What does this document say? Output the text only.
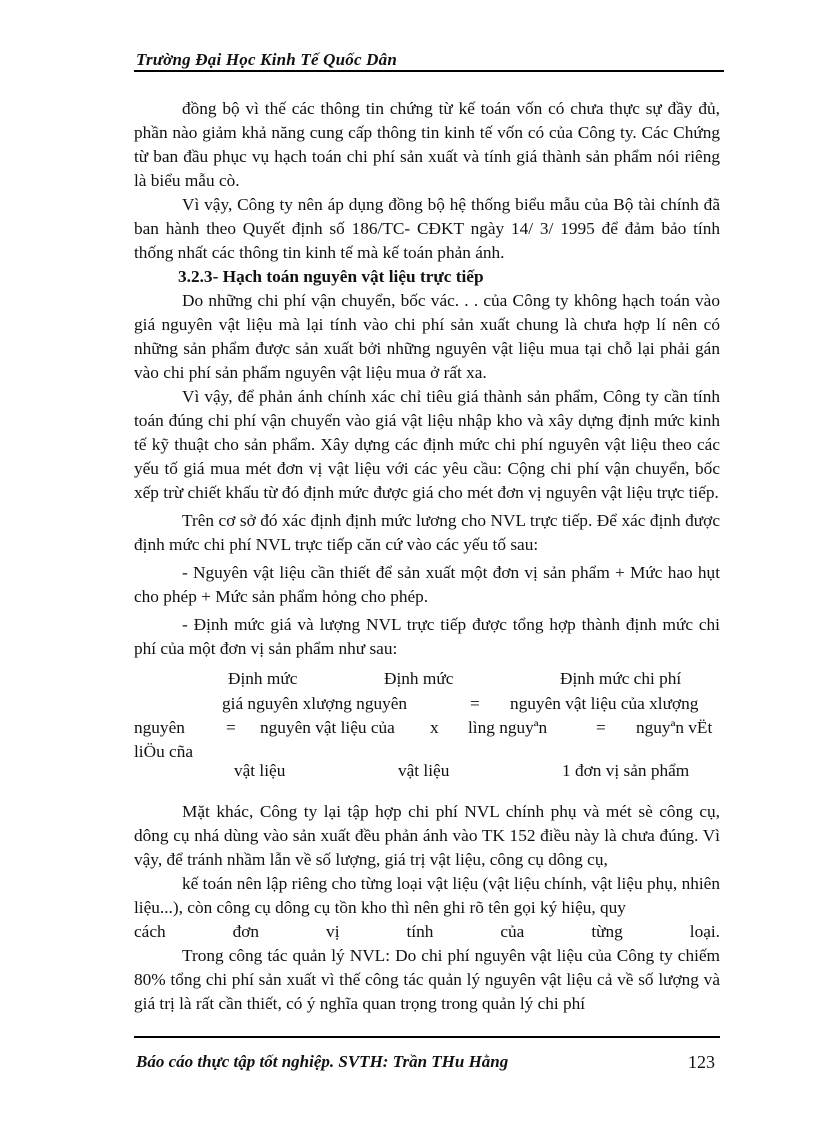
Trường Đại Học Kinh Tế Quốc Dân

đồng bộ vì thế các thông tin chứng từ kế toán vốn có chưa thực sự đầy đủ, phần nào giảm khả năng cung cấp thông tin kinh tế vốn có của Công ty. Các Chứng từ ban đầu phục vụ hạch toán chi phí sản xuất và tính giá thành sản phẩm nói riêng là biểu mẫu cò.

Vì vậy, Công ty nên áp dụng đồng bộ hệ thống biểu mẫu của Bộ tài chính đã ban hành theo Quyết định số 186/TC- CĐKT ngày 14/ 3/ 1995 để đảm bảo tính thống nhất các thông tin kinh tế mà kế toán phản ánh.

3.2.3- Hạch toán nguyên vật liệu trực tiếp

Do những chi phí vận chuyển, bốc vác. . . của Công ty không hạch toán vào giá nguyên vật liệu mà lại tính vào chi phí sản xuất chung là chưa hợp lí nên có những sản phẩm được sản xuất bởi những nguyên vật liệu mua tại chỗ lại phải gán vào chi phí sản phẩm nguyên vật liệu mua ở rất xa.

Vì vậy, để phản ánh chính xác chỉ tiêu giá thành sản phẩm, Công ty cần tính toán đúng chi phí vận chuyển vào giá vật liệu nhập kho và xây dựng định mức kinh tế kỹ thuật cho sản phẩm. Xây dựng các định mức chi phí nguyên vật liệu theo các yếu tố giá mua mét đơn vị vật liệu với các yêu cầu: Cộng chi phí vận chuyển, bốc xếp trừ chiết khấu từ đó định mức được giá cho mét đơn vị nguyên vật liệu trực tiếp.

Trên cơ sở đó xác định định mức lương cho NVL trực tiếp. Để xác định được định mức chi phí NVL trực tiếp căn cứ vào các yếu tố sau:

- Nguyên vật liệu cần thiết để sản xuất một đơn vị sản phẩm + Mức hao hụt cho phép + Mức sản phẩm hỏng cho phép.

- Định mức giá và lượng NVL trực tiếp được tổng hợp thành định mức chi phí của một đơn vị sản phẩm như sau:

Định mức	Định mức	Định mức chi phí
giá nguyên xlượng nguyên	= nguyên vật liệu của xlượng
nguyên = nguyên vật liệu của x lìng nguyªn	= nguyªn vËt
liÖu cña
vật liệu	vật liệu	1 đơn vị sản phẩm

Mặt khác, Công ty lại tập hợp chi phí NVL chính phụ và mét sè công cụ, dông cụ nhá dùng vào sản xuất đều phản ánh vào TK 152 điều này là chưa đúng. Vì vậy, để tránh nhầm lẫn về số lượng, giá trị vật liệu, công cụ dông cụ,

kế toán nên lập riêng cho từng loại vật liệu (vật liệu chính, vật liệu phụ, nhiên liệu...), còn công cụ dông cụ tồn kho thì nên ghi rõ tên gọi ký hiệu, quy

cách	đơn	vị	tính	của	từng	loại.

Trong công tác quản lý NVL: Do chi phí nguyên vật liệu của Công ty chiếm 80% tổng chi phí sản xuất vì thế công tác quản lý nguyên vật liệu cả về số lượng và giá trị là rất cần thiết, có ý nghĩa quan trọng trong quản lý chi phí

Báo cáo thực tập tốt nghiệp. SVTH: Trần THu Hằng	123
